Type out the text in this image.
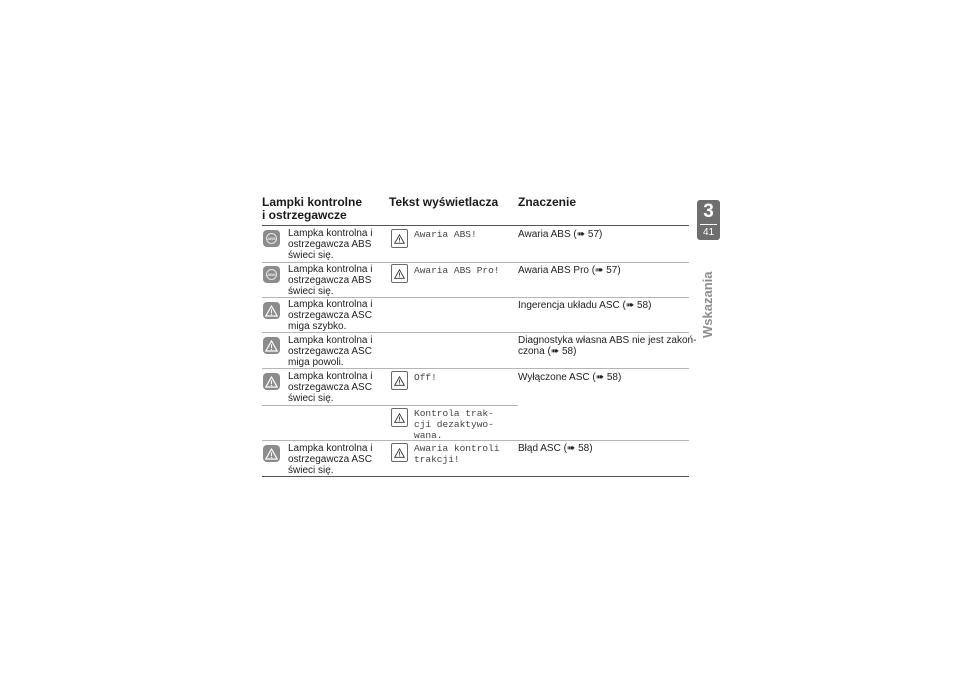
Lampki kontrolne
i ostrzegawcze
Tekst wyświetlacza Znaczenie
ABS Lampka kontrolna i
ostrzegawcza ABS
świeci się.
Awaria ABS!	Awaria ABS (➠ 57)
ABS Lampka kontrolna i
ostrzegawcza ABS
świeci się.
Awaria ABS Pro! Awaria ABS Pro (➠ 57)
Lampka kontrolna i
ostrzegawcza ASC
miga szybko.
Ingerencja układu ASC (➠ 58)
Lampka kontrolna i
ostrzegawcza ASC
miga powoli.
Diagnostyka własna ABS nie jest zakoń-
czona (➠ 58)
Lampka kontrolna i
ostrzegawcza ASC
świeci się.
Off!	Wyłączone ASC (➠ 58)
Kontrola trak-
cji dezaktywo-
wana.
Lampka kontrolna i
ostrzegawcza ASC
świeci się.
Awaria kontroli
trakcji!
Błąd ASC (➠ 58)
3
41
Wskazania
